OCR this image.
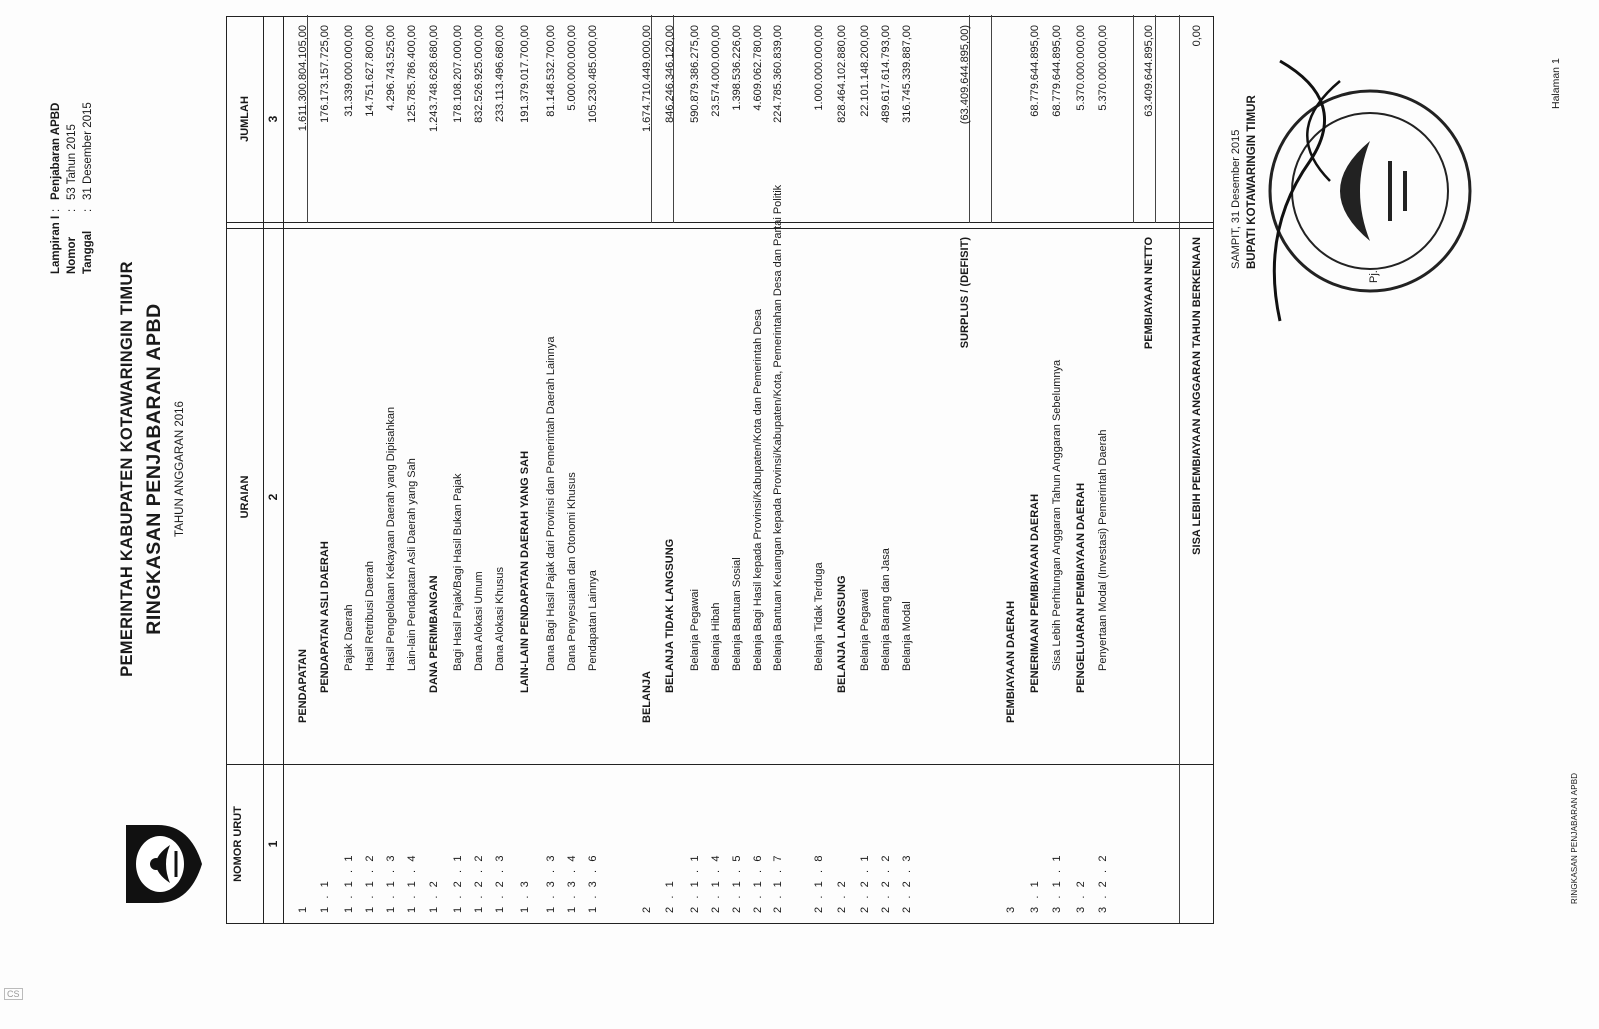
Lampiran I
:
Penjabaran APBD
Nomor
:
53 Tahun 2015
Tanggal
:
31 Desember 2015
PEMERINTAH KABUPATEN KOTAWARINGIN TIMUR RINGKASAN PENJABARAN APBD TAHUN ANGGARAN 2016
NOMOR URUT
URAIAN
JUMLAH
1
2
3
1
PENDAPATAN
1.611.300.804.105,00
1 . 1
PENDAPATAN ASLI DAERAH
176.173.157.725,00
1 . 1 . 1
Pajak Daerah
31.339.000.000,00
1 . 1 . 2
Hasil Retribusi Daerah
14.751.627.800,00
1 . 1 . 3
Hasil Pengelolaan Kekayaan Daerah yang Dipisahkan
4.296.743.525,00
1 . 1 . 4
Lain-lain Pendapatan Asli Daerah yang Sah
125.785.786.400,00
1 . 2
DANA PERIMBANGAN
1.243.748.628.680,00
1 . 2 . 1
Bagi Hasil Pajak/Bagi Hasil Bukan Pajak
178.108.207.000,00
1 . 2 . 2
Dana Alokasi Umum
832.526.925.000,00
1 . 2 . 3
Dana Alokasi Khusus
233.113.496.680,00
1 . 3
LAIN-LAIN PENDAPATAN DAERAH YANG SAH
191.379.017.700,00
1 . 3 . 3
Dana Bagi Hasil Pajak dari Provinsi dan Pemerintah Daerah Lainnya
81.148.532.700,00
1 . 3 . 4
Dana Penyesuaian dan Otonomi Khusus
5.000.000.000,00
1 . 3 . 6
Pendapatan Lainnya
105.230.485.000,00
2
BELANJA
1.674.710.449.000,00
2 . 1
BELANJA TIDAK LANGSUNG
846.246.346.120,00
2 . 1 . 1
Belanja Pegawai
590.879.386.275,00
2 . 1 . 4
Belanja Hibah
23.574.000.000,00
2 . 1 . 5
Belanja Bantuan Sosial
1.398.536.226,00
2 . 1 . 6
Belanja Bagi Hasil kepada Provinsi/Kabupaten/Kota dan Pemerintah Desa
4.609.062.780,00
2 . 1 . 7
Belanja Bantuan Keuangan kepada Provinsi/Kabupaten/Kota, Pemerintahan Desa dan Partai Politik
224.785.360.839,00
2 . 1 . 8
Belanja Tidak Terduga
1.000.000.000,00
2 . 2
BELANJA LANGSUNG
828.464.102.880,00
2 . 2 . 1
Belanja Pegawai
22.101.148.200,00
2 . 2 . 2
Belanja Barang dan Jasa
489.617.614.793,00
2 . 2 . 3
Belanja Modal
316.745.339.887,00
SURPLUS / (DEFISIT)
(63.409.644.895,00)
3
PEMBIAYAAN DAERAH
3 . 1
PENERIMAAN PEMBIAYAAN DAERAH
68.779.644.895,00
3 . 1 . 1
Sisa Lebih Perhitungan Anggaran Tahun Anggaran Sebelumnya
68.779.644.895,00
3 . 2
PENGELUARAN PEMBIAYAAN DAERAH
5.370.000.000,00
3 . 2 . 2
Penyertaan Modal (Investasi) Pemerintah Daerah
5.370.000.000,00
PEMBIAYAAN NETTO
63.409.644.895,00
SISA LEBIH PEMBIAYAAN ANGGARAN TAHUN BERKENAAN
0,00
Pj.
SAMPIT, 31 Desember 2015 BUPATI KOTAWARINGIN TIMUR
RINGKASAN PENJABARAN APBD
Halaman 1
CS
